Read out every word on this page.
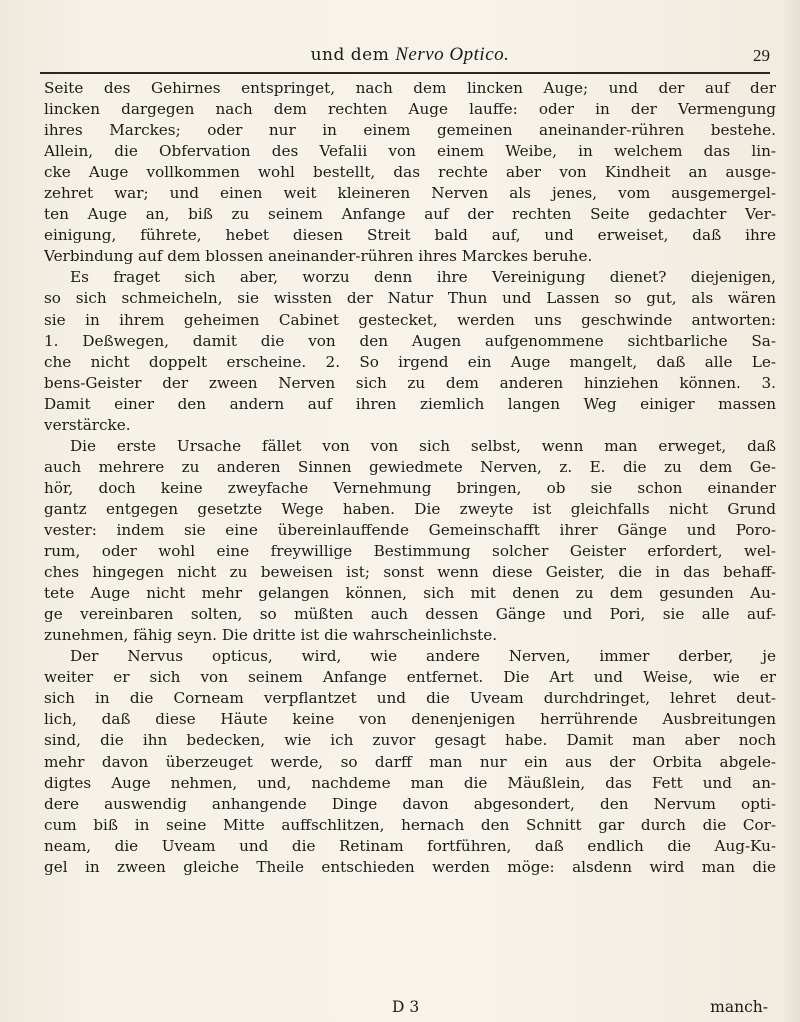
und dem Nervo Optico.	29
Seite des Gehirnes entspringet, nach dem lincken Auge; und der auf der
lincken dargegen nach dem rechten Auge lauffe: oder in der Vermengung
ihres Marckes; oder nur in einem gemeinen aneinander-rühren bestehe.
Allein, die Obfervation des Vefalii von einem Weibe, in welchem das lin-
cke Auge vollkommen wohl bestellt, das rechte aber von Kindheit an ausge-
zehret war; und einen weit kleineren Nerven als jenes, vom ausgemergel-
ten Auge an, biß zu seinem Anfange auf der rechten Seite gedachter Ver-
einigung, führete, hebet diesen Streit bald auf, und erweiset, daß ihre
Verbindung auf dem blossen aneinander-rühren ihres Marckes beruhe.
Es fraget sich aber, worzu denn ihre Vereinigung dienet? diejenigen,
so sich schmeicheln, sie wissten der Natur Thun und Lassen so gut, als wären
sie in ihrem geheimen Cabinet gestecket, werden uns geschwinde antworten:
1. Deßwegen, damit die von den Augen aufgenommene sichtbarliche Sa-
che nicht doppelt erscheine. 2. So irgend ein Auge mangelt, daß alle Le-
bens-Geister der zween Nerven sich zu dem anderen hinziehen können. 3.
Damit einer den andern auf ihren ziemlich langen Weg einiger massen
verstärcke.
Die erste Ursache fället von von sich selbst, wenn man erweget, daß
auch mehrere zu anderen Sinnen gewiedmete Nerven, z. E. die zu dem Ge-
hör, doch keine zweyfache Vernehmung bringen, ob sie schon einander
gantz entgegen gesetzte Wege haben. Die zweyte ist gleichfalls nicht Grund
vester: indem sie eine übereinlauffende Gemeinschafft ihrer Gänge und Poro-
rum, oder wohl eine freywillige Bestimmung solcher Geister erfordert, wel-
ches hingegen nicht zu beweisen ist; sonst wenn diese Geister, die in das behaff-
tete Auge nicht mehr gelangen können, sich mit denen zu dem gesunden Au-
ge vereinbaren solten, so müßten auch dessen Gänge und Pori, sie alle auf-
zunehmen, fähig seyn. Die dritte ist die wahrscheinlichste.
Der Nervus opticus, wird, wie andere Nerven, immer derber, je
weiter er sich von seinem Anfange entfernet. Die Art und Weise, wie er
sich in die Corneam verpflantzet und die Uveam durchdringet, lehret deut-
lich, daß diese Häute keine von denenjenigen herrührende Ausbreitungen
sind, die ihn bedecken, wie ich zuvor gesagt habe. Damit man aber noch
mehr davon überzeuget werde, so darff man nur ein aus der Orbita abgele-
digtes Auge nehmen, und, nachdeme man die Mäußlein, das Fett und an-
dere auswendig anhangende Dinge davon abgesondert, den Nervum opti-
cum biß in seine Mitte auffschlitzen, hernach den Schnitt gar durch die Cor-
neam, die Uveam und die Retinam fortführen, daß endlich die Aug-Ku-
gel in zween gleiche Theile entschieden werden möge: alsdenn wird man die
D 3	manch-
